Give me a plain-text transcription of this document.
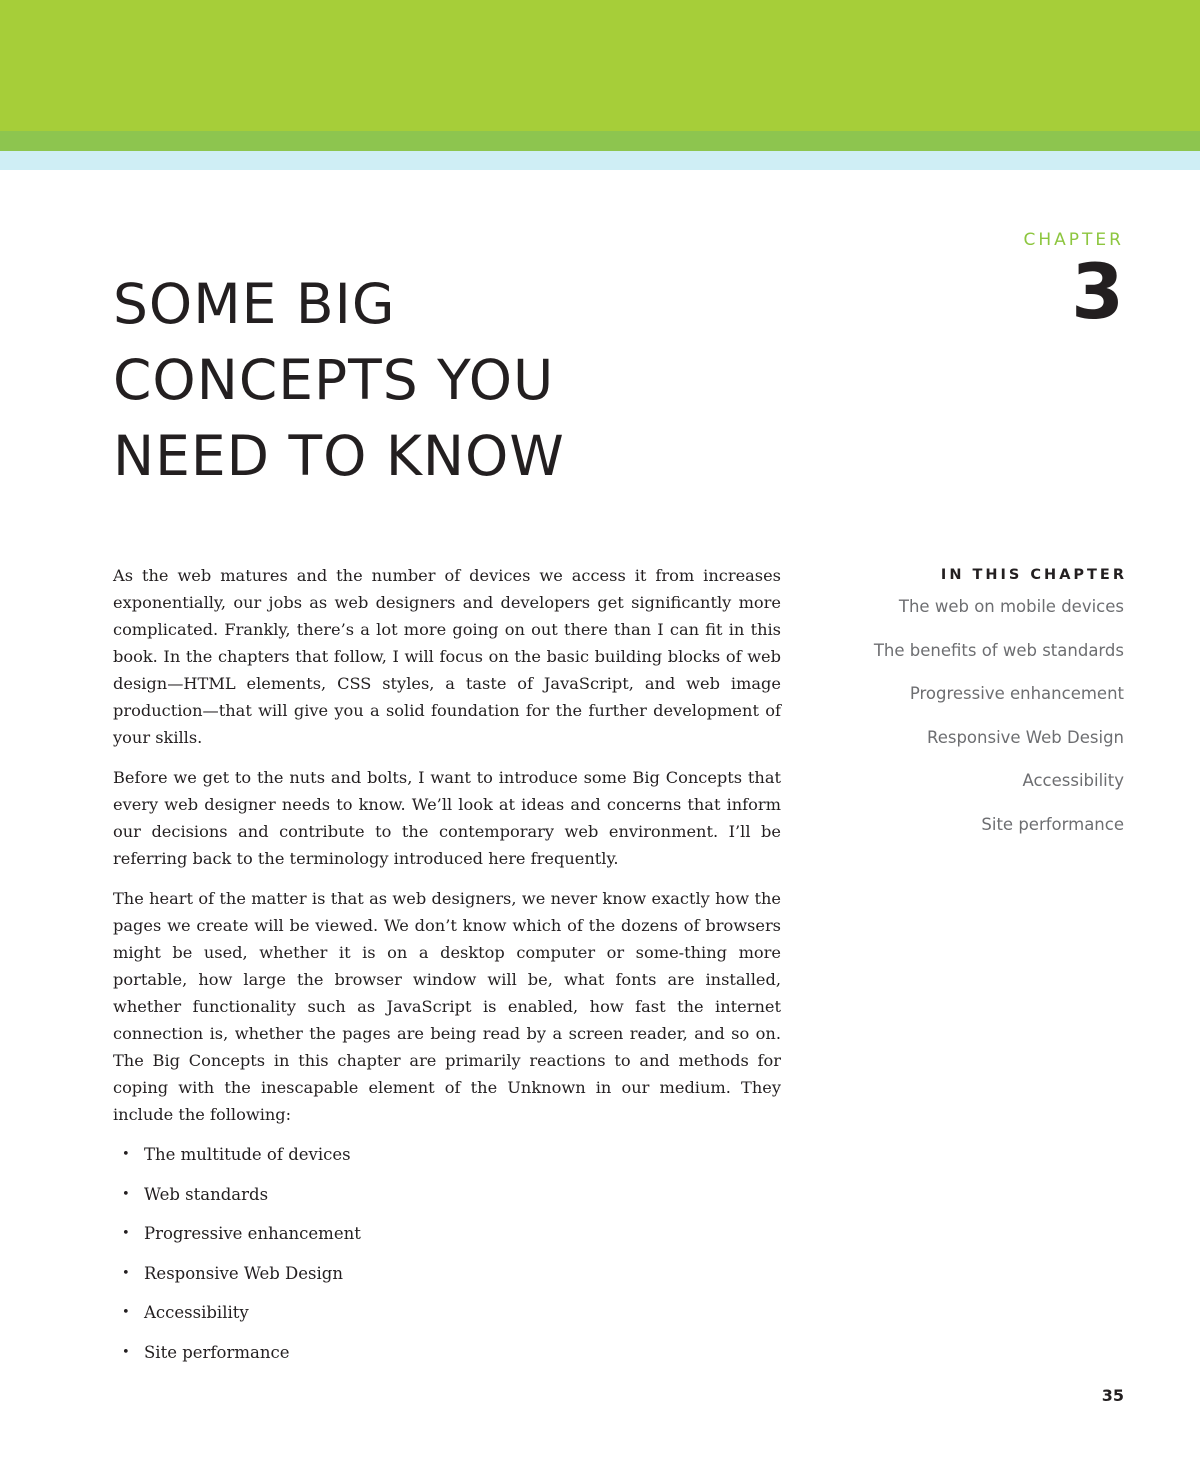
CHAPTER
3
SOME BIG
CONCEPTS YOU
NEED TO KNOW

As the web matures and the number of devices we access it from increases exponentially, our jobs as web designers and developers get significantly more complicated. Frankly, there’s a lot more going on out there than I can fit in this book. In the chapters that follow, I will focus on the basic building blocks of web design—HTML elements, CSS styles, a taste of JavaScript, and web image production—that will give you a solid foundation for the further development of your skills.

Before we get to the nuts and bolts, I want to introduce some Big Concepts that every web designer needs to know. We’ll look at ideas and concerns that inform our decisions and contribute to the contemporary web environment. I’ll be referring back to the terminology introduced here frequently.

The heart of the matter is that as web designers, we never know exactly how the pages we create will be viewed. We don’t know which of the dozens of browsers might be used, whether it is on a desktop computer or some-thing more portable, how large the browser window will be, what fonts are installed, whether functionality such as JavaScript is enabled, how fast the internet connection is, whether the pages are being read by a screen reader, and so on. The Big Concepts in this chapter are primarily reactions to and methods for coping with the inescapable element of the Unknown in our medium. They include the following:

• The multitude of devices
• Web standards
• Progressive enhancement
• Responsive Web Design
• Accessibility
• Site performance
IN THIS CHAPTER
The web on mobile devices
The benefits of web standards
Progressive enhancement
Responsive Web Design
Accessibility
Site performance
35
